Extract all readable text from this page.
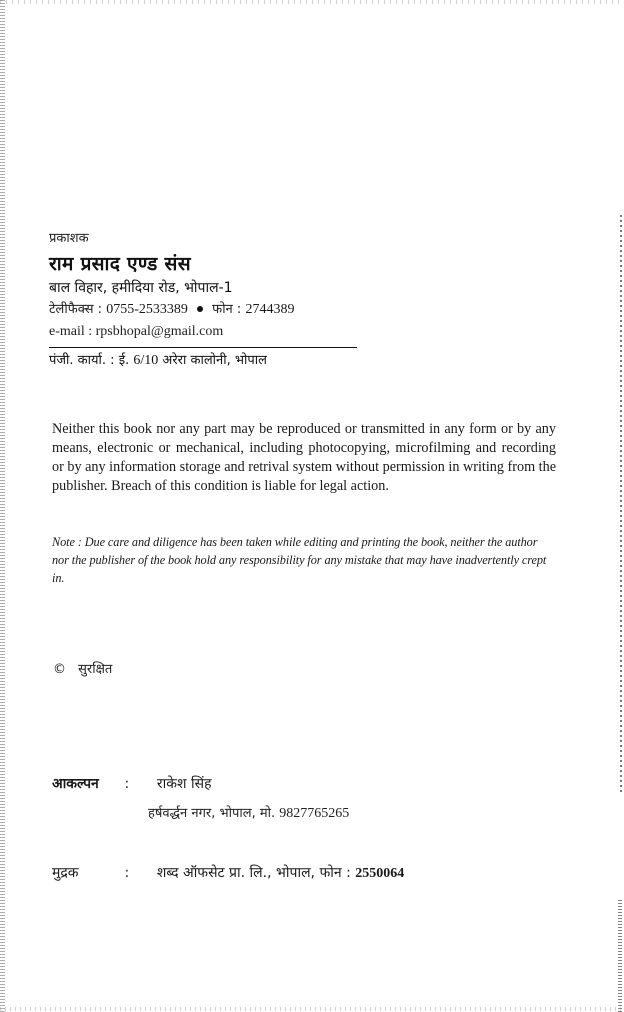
प्रकाशक
राम प्रसाद एण्ड संस
बाल विहार, हमीदिया रोड, भोपाल-1
टेलीफैक्स : 0755-2533389 फोन : 2744389
e-mail : rpsbhopal@gmail.com
पंजी. कार्या. : ई. 6/10 अरेरा कालोनी, भोपाल
Neither this book nor any part may be reproduced or transmitted in any form or by any means, electronic or mechanical, including photocopying, microfilming and recording or by any information storage and retrival system without permission in writing from the publisher. Breach of this condition is liable for legal action.
Note : Due care and diligence has been taken while editing and printing the book, neither the author nor the publisher of the book hold any responsibility for any mistake that may have inadvertently crept in.
© सुरक्षित
आकल्पन : राकेश सिंह
हर्षवर्द्धन नगर, भोपाल, मो. 9827765265
मुद्रक	: शब्द ऑफसेट प्रा. लि., भोपाल, फोन : 2550064
